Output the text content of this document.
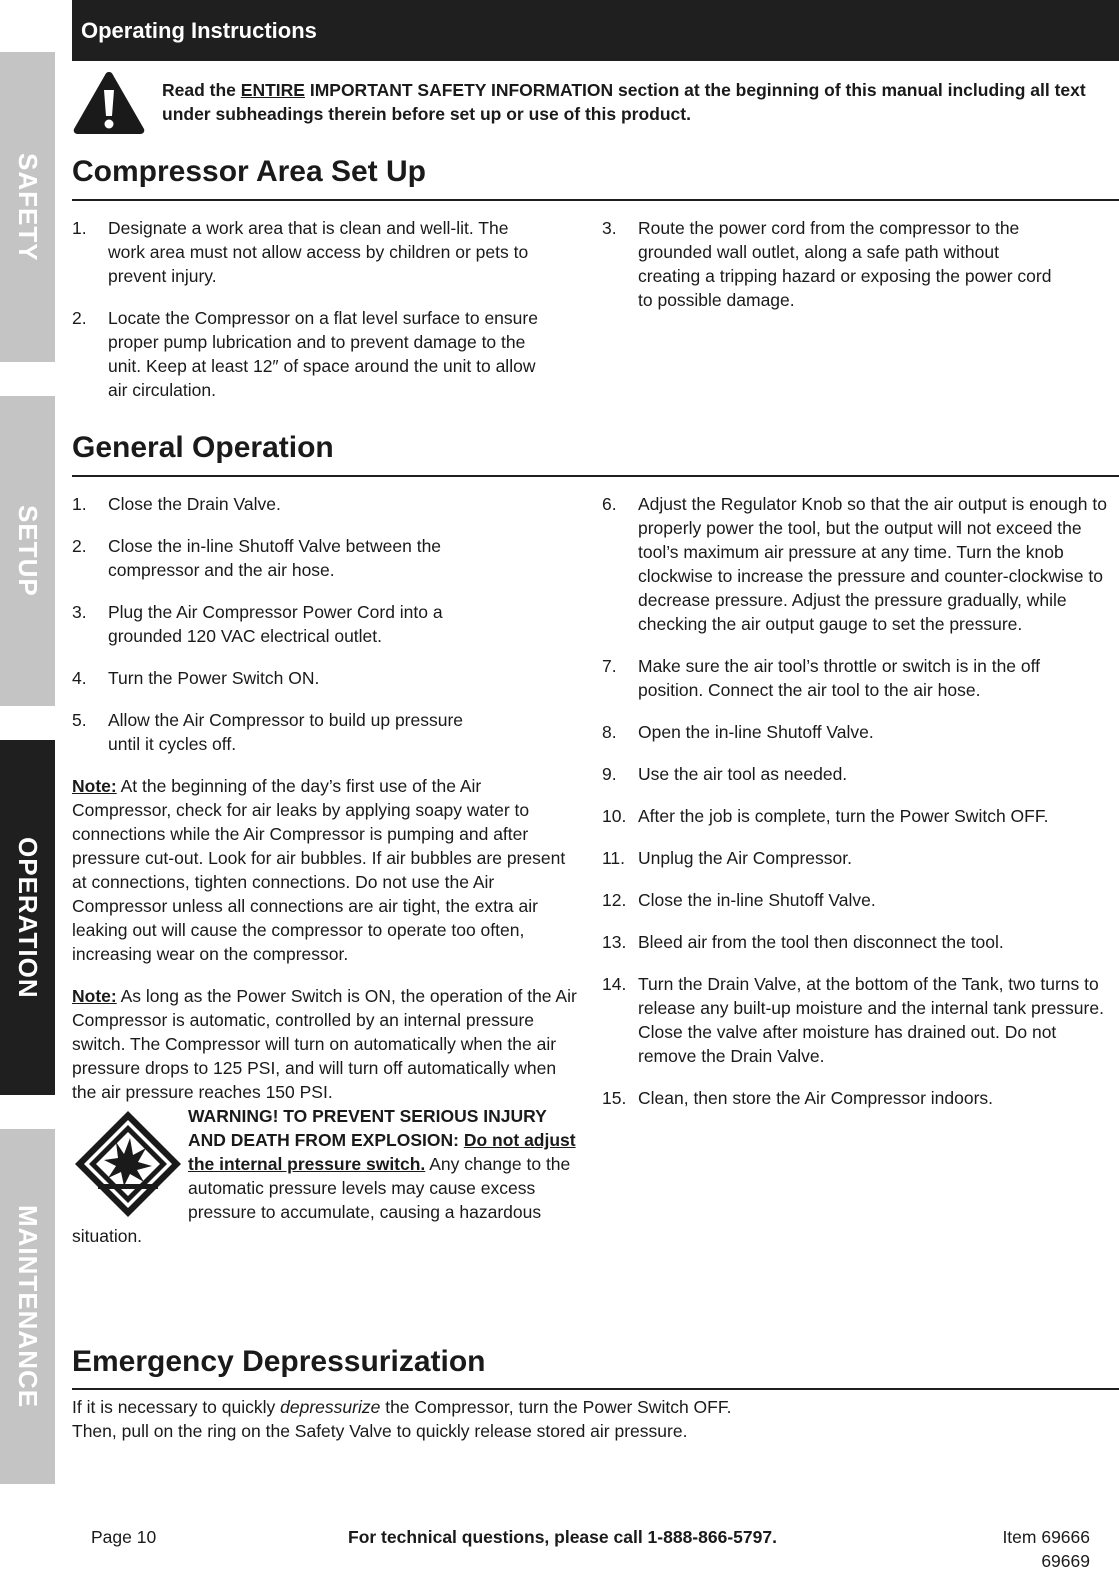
SAFETY
SETUP
OPERATION
MAINTENANCE
Operating Instructions
Read the ENTIRE IMPORTANT SAFETY INFORMATION section at the beginning of this manual including all text under subheadings therein before set up or use of this product.
Compressor Area Set Up
1. Designate a work area that is clean and well-lit. The work area must not allow access by children or pets to prevent injury.
2. Locate the Compressor on a flat level surface to ensure proper pump lubrication and to prevent damage to the unit. Keep at least 12″ of space around the unit to allow air circulation.
3. Route the power cord from the compressor to the grounded wall outlet, along a safe path without creating a tripping hazard or exposing the power cord to possible damage.
General Operation
1. Close the Drain Valve.
2. Close the in-line Shutoff Valve between the compressor and the air hose.
3. Plug the Air Compressor Power Cord into a grounded 120 VAC electrical outlet.
4. Turn the Power Switch ON.
5. Allow the Air Compressor to build up pressure until it cycles off.

Note: At the beginning of the day’s first use of the Air Compressor, check for air leaks by applying soapy water to connections while the Air Compressor is pumping and after pressure cut-out. Look for air bubbles. If air bubbles are present at connections, tighten connections. Do not use the Air Compressor unless all connections are air tight, the extra air leaking out will cause the compressor to operate too often, increasing wear on the compressor.

Note: As long as the Power Switch is ON, the operation of the Air Compressor is automatic, controlled by an internal pressure switch. The Compressor will turn on automatically when the air pressure drops to 125 PSI, and will turn off automatically when the air pressure reaches 150 PSI.

WARNING! TO PREVENT SERIOUS INJURY AND DEATH FROM EXPLOSION: Do not adjust the internal pressure switch. Any change to the automatic pressure levels may cause excess pressure to accumulate, causing a hazardous situation.
6. Adjust the Regulator Knob so that the air output is enough to properly power the tool, but the output will not exceed the tool’s maximum air pressure at any time. Turn the knob clockwise to increase the pressure and counter-clockwise to decrease pressure. Adjust the pressure gradually, while checking the air output gauge to set the pressure.
7. Make sure the air tool’s throttle or switch is in the off position. Connect the air tool to the air hose.
8. Open the in-line Shutoff Valve.
9. Use the air tool as needed.
10. After the job is complete, turn the Power Switch OFF.
11. Unplug the Air Compressor.
12. Close the in-line Shutoff Valve.
13. Bleed air from the tool then disconnect the tool.
14. Turn the Drain Valve, at the bottom of the Tank, two turns to release any built-up moisture and the internal tank pressure. Close the valve after moisture has drained out. Do not remove the Drain Valve.
15. Clean, then store the Air Compressor indoors.
Emergency Depressurization
If it is necessary to quickly depressurize the Compressor, turn the Power Switch OFF.
Then, pull on the ring on the Safety Valve to quickly release stored air pressure.
Page 10	For technical questions, please call 1-888-866-5797.	Item 69666
69669
